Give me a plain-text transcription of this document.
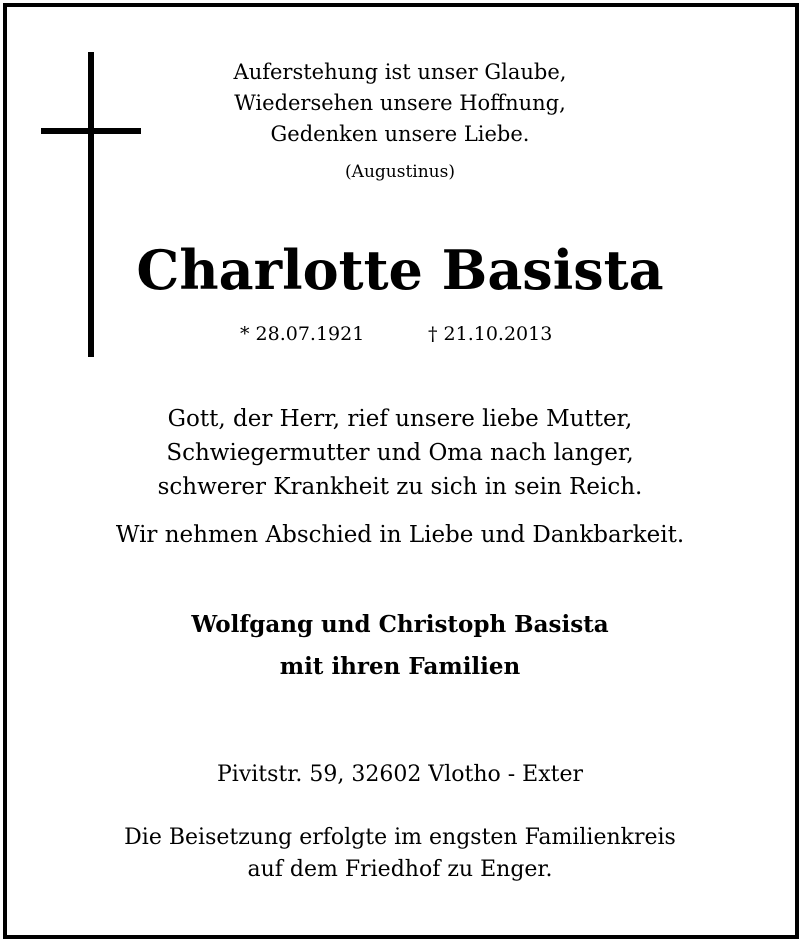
Auferstehung ist unser Glaube,
Wiedersehen unsere Hoffnung,
Gedenken unsere Liebe.
(Augustinus)
Charlotte Basista
* 28.07.1921	† 21.10.2013
Gott, der Herr, rief unsere liebe Mutter,
Schwiegermutter und Oma nach langer,
schwerer Krankheit zu sich in sein Reich.
Wir nehmen Abschied in Liebe und Dankbarkeit.
Wolfgang und Christoph Basista
mit ihren Familien
Pivitstr. 59, 32602 Vlotho - Exter
Die Beisetzung erfolgte im engsten Familienkreis
auf dem Friedhof zu Enger.
